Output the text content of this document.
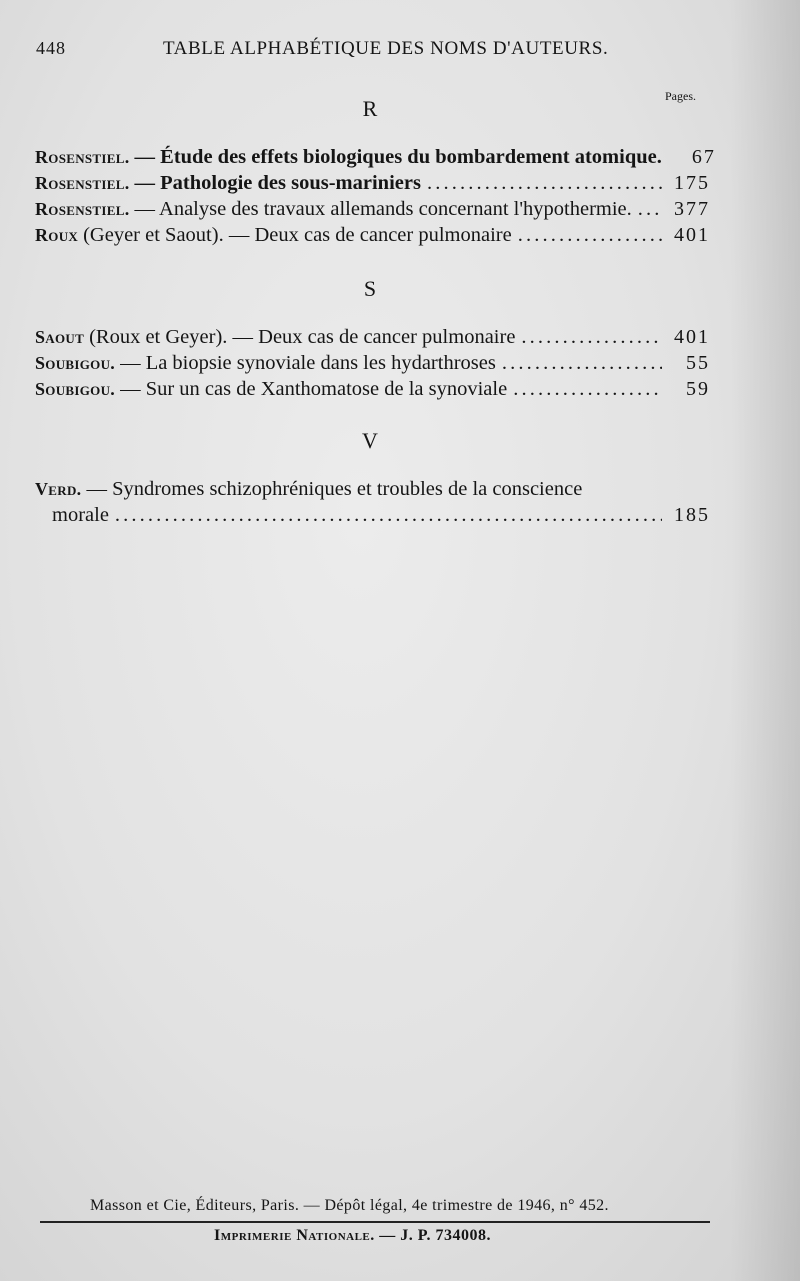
448	TABLE ALPHABÉTIQUE DES NOMS D'AUTEURS.
Pages.
R
Rosenstiel. — Étude des effets biologiques du bombardement atomique.	67
Rosenstiel. — Pathologie des sous-mariniers . . .	175
Rosenstiel. — Analyse des travaux allemands concernant l'hypothermie. . . .	377
Roux (Geyer et Saout). — Deux cas de cancer pulmonaire . . .	401
S
Saout (Roux et Geyer). — Deux cas de cancer pulmonaire . . .	401
Soubigou. — La biopsie synoviale dans les hydarthroses . . .	55
Soubigou. — Sur un cas de Xanthomatose de la synoviale . . .	59
V
Verd. — Syndromes schizophréniques et troubles de la conscience
morale . . .	185
Masson et Cie, Éditeurs, Paris. — Dépôt légal, 4e trimestre de 1946, n° 452.
Imprimerie Nationale. — J. P. 734008.
